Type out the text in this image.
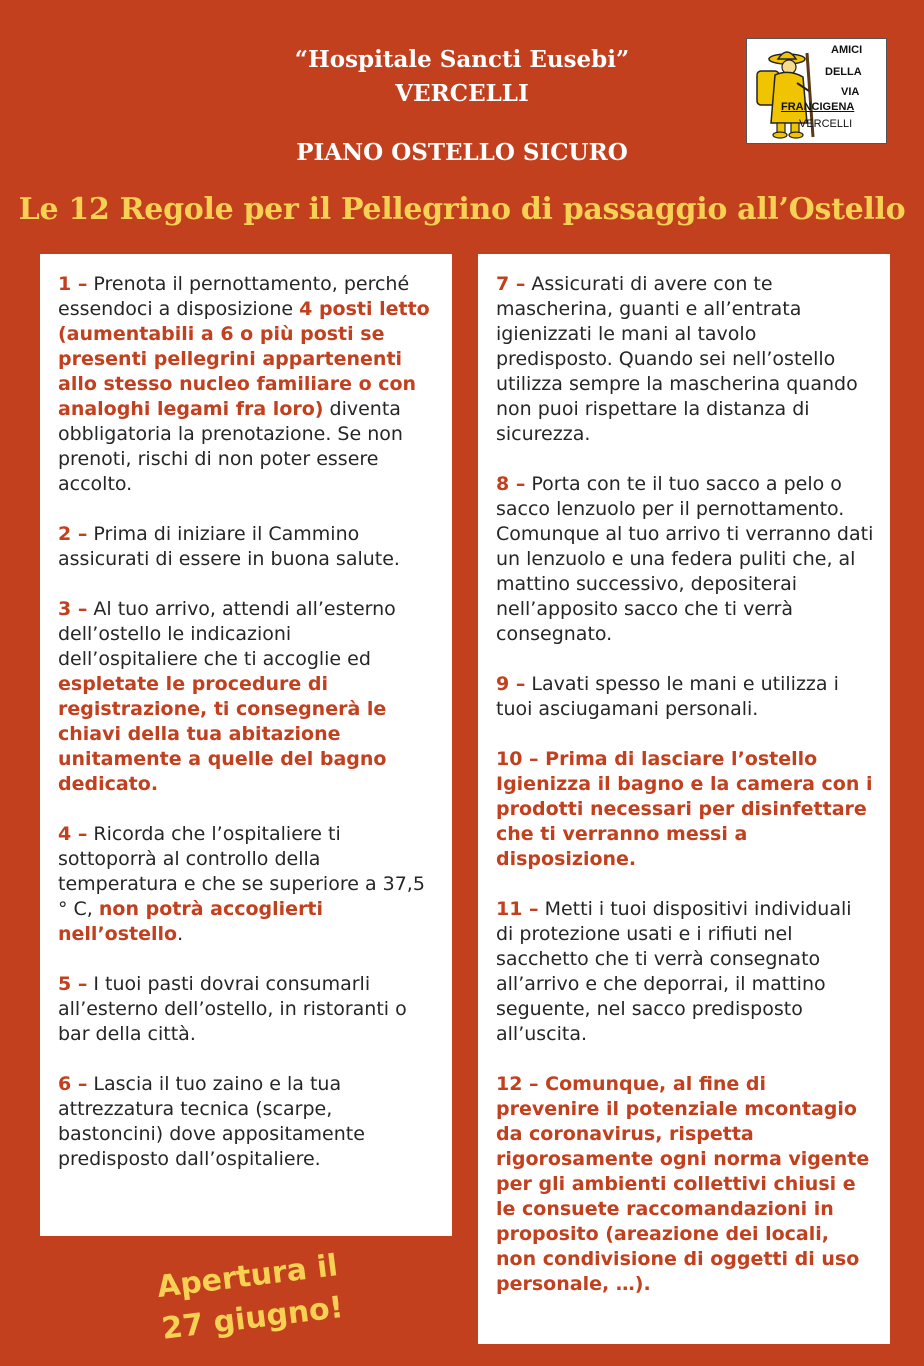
“Hospitale Sancti Eusebi”
VERCELLI
PIANO OSTELLO SICURO
Le 12 Regole per il Pellegrino di passaggio all’Ostello
AMICI
DELLA
VIA
FRANCIGENA
VERCELLI

1 – Prenota il pernottamento, perché essendoci a disposizione 4 posti letto (aumentabili a 6 o più posti se presenti pellegrini appartenenti allo stesso nucleo familiare o con analoghi legami fra loro) diventa obbligatoria la prenotazione. Se non prenoti, rischi di non poter essere accolto.

2 – Prima di iniziare il Cammino assicurati di essere in buona salute.

3 – Al tuo arrivo, attendi all’esterno dell’ostello le indicazioni dell’ospitaliere che ti accoglie ed espletate le procedure di registrazione, ti consegnerà le chiavi della tua abitazione unitamente a quelle del bagno dedicato.

4 – Ricorda che l’ospitaliere ti sottoporrà al controllo della temperatura e che se superiore a 37,5 ° C, non potrà accoglierti nell’ostello.

5 – I tuoi pasti dovrai consumarli all’esterno dell’ostello, in ristoranti o bar della città.

6 – Lascia il tuo zaino e la tua attrezzatura tecnica (scarpe, bastoncini) dove appositamente predisposto dall’ospitaliere.

7 – Assicurati di avere con te mascherina, guanti e all’entrata igienizzati le mani al tavolo predisposto. Quando sei nell’ostello utilizza sempre la mascherina quando non puoi rispettare la distanza di sicurezza.

8 – Porta con te il tuo sacco a pelo o sacco lenzuolo per il pernottamento. Comunque al tuo arrivo ti verranno dati un lenzuolo e una federa puliti che, al mattino successivo, depositerai nell’apposito sacco che ti verrà consegnato.

9 – Lavati spesso le mani e utilizza i tuoi asciugamani personali.

10 – Prima di lasciare l’ostello Igienizza il bagno e la camera con i prodotti necessari per disinfettare che ti verranno messi a disposizione.

11 – Metti i tuoi dispositivi individuali di protezione usati e i rifiuti nel sacchetto che ti verrà consegnato all’arrivo e che deporrai, il mattino seguente, nel sacco predisposto all’uscita.

12 – Comunque, al fine di prevenire il potenziale mcontagio da coronavirus, rispetta rigorosamente ogni norma vigente per gli ambienti collettivi chiusi e le consuete raccomandazioni in proposito (areazione dei locali, non condivisione di oggetti di uso personale, …).

Apertura il
27 giugno!
